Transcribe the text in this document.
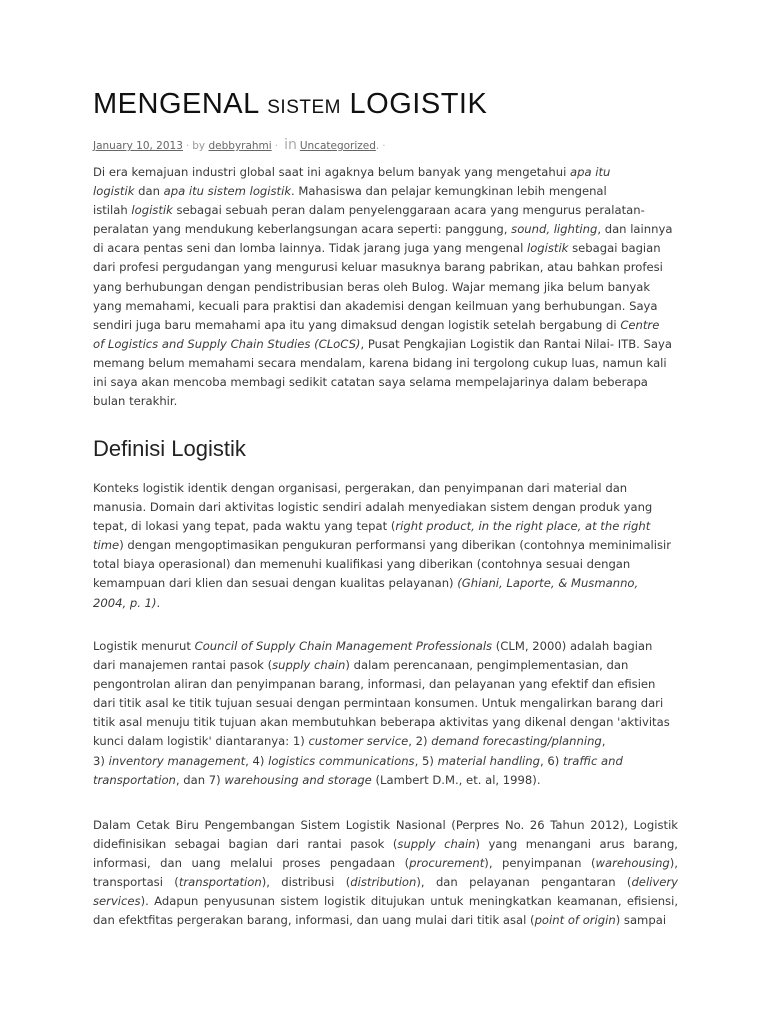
MENGENAL SISTEM LOGISTIK
January 10, 2013 · by debbyrahmi · in Uncategorized. ·
Di era kemajuan industri global saat ini agaknya belum banyak yang mengetahui apa itu
logistik dan apa itu sistem logistik. Mahasiswa dan pelajar kemungkinan lebih mengenal
istilah logistik sebagai sebuah peran dalam penyelenggaraan acara yang mengurus peralatan-
peralatan yang mendukung keberlangsungan acara seperti: panggung, sound, lighting, dan lainnya
di acara pentas seni dan lomba lainnya. Tidak jarang juga yang mengenal logistik sebagai bagian
dari profesi pergudangan yang mengurusi keluar masuknya barang pabrikan, atau bahkan profesi
yang berhubungan dengan pendistribusian beras oleh Bulog. Wajar memang jika belum banyak
yang memahami, kecuali para praktisi dan akademisi dengan keilmuan yang berhubungan. Saya
sendiri juga baru memahami apa itu yang dimaksud dengan logistik setelah bergabung di Centre
of Logistics and Supply Chain Studies (CLoCS), Pusat Pengkajian Logistik dan Rantai Nilai- ITB. Saya
memang belum memahami secara mendalam, karena bidang ini tergolong cukup luas, namun kali
ini saya akan mencoba membagi sedikit catatan saya selama mempelajarinya dalam beberapa
bulan terakhir.
Definisi Logistik
Konteks logistik identik dengan organisasi, pergerakan, dan penyimpanan dari material dan
manusia. Domain dari aktivitas logistic sendiri adalah menyediakan sistem dengan produk yang
tepat, di lokasi yang tepat, pada waktu yang tepat (right product, in the right place, at the right
time) dengan mengoptimasikan pengukuran performansi yang diberikan (contohnya meminimalisir
total biaya operasional) dan memenuhi kualifikasi yang diberikan (contohnya sesuai dengan
kemampuan dari klien dan sesuai dengan kualitas pelayanan) (Ghiani, Laporte, & Musmanno,
2004, p. 1).
Logistik menurut Council of Supply Chain Management Professionals (CLM, 2000) adalah bagian
dari manajemen rantai pasok (supply chain) dalam perencanaan, pengimplementasian, dan
pengontrolan aliran dan penyimpanan barang, informasi, dan pelayanan yang efektif dan efisien
dari titik asal ke titik tujuan sesuai dengan permintaan konsumen. Untuk mengalirkan barang dari
titik asal menuju titik tujuan akan membutuhkan beberapa aktivitas yang dikenal dengan 'aktivitas
kunci dalam logistik' diantaranya: 1) customer service, 2) demand forecasting/planning,
3) inventory management, 4) logistics communications, 5) material handling, 6) traffic and
transportation, dan 7) warehousing and storage (Lambert D.M., et. al, 1998).
Dalam Cetak Biru Pengembangan Sistem Logistik Nasional (Perpres No. 26 Tahun 2012), Logistik
didefinisikan sebagai bagian dari rantai pasok (supply chain) yang menangani arus barang,
informasi, dan uang melalui proses pengadaan (procurement), penyimpanan (warehousing),
transportasi (transportation), distribusi (distribution), dan pelayanan pengantaran (delivery
services). Adapun penyusunan sistem logistik ditujukan untuk meningkatkan keamanan, efisiensi,
dan efektfitas pergerakan barang, informasi, dan uang mulai dari titik asal (point of origin) sampai
